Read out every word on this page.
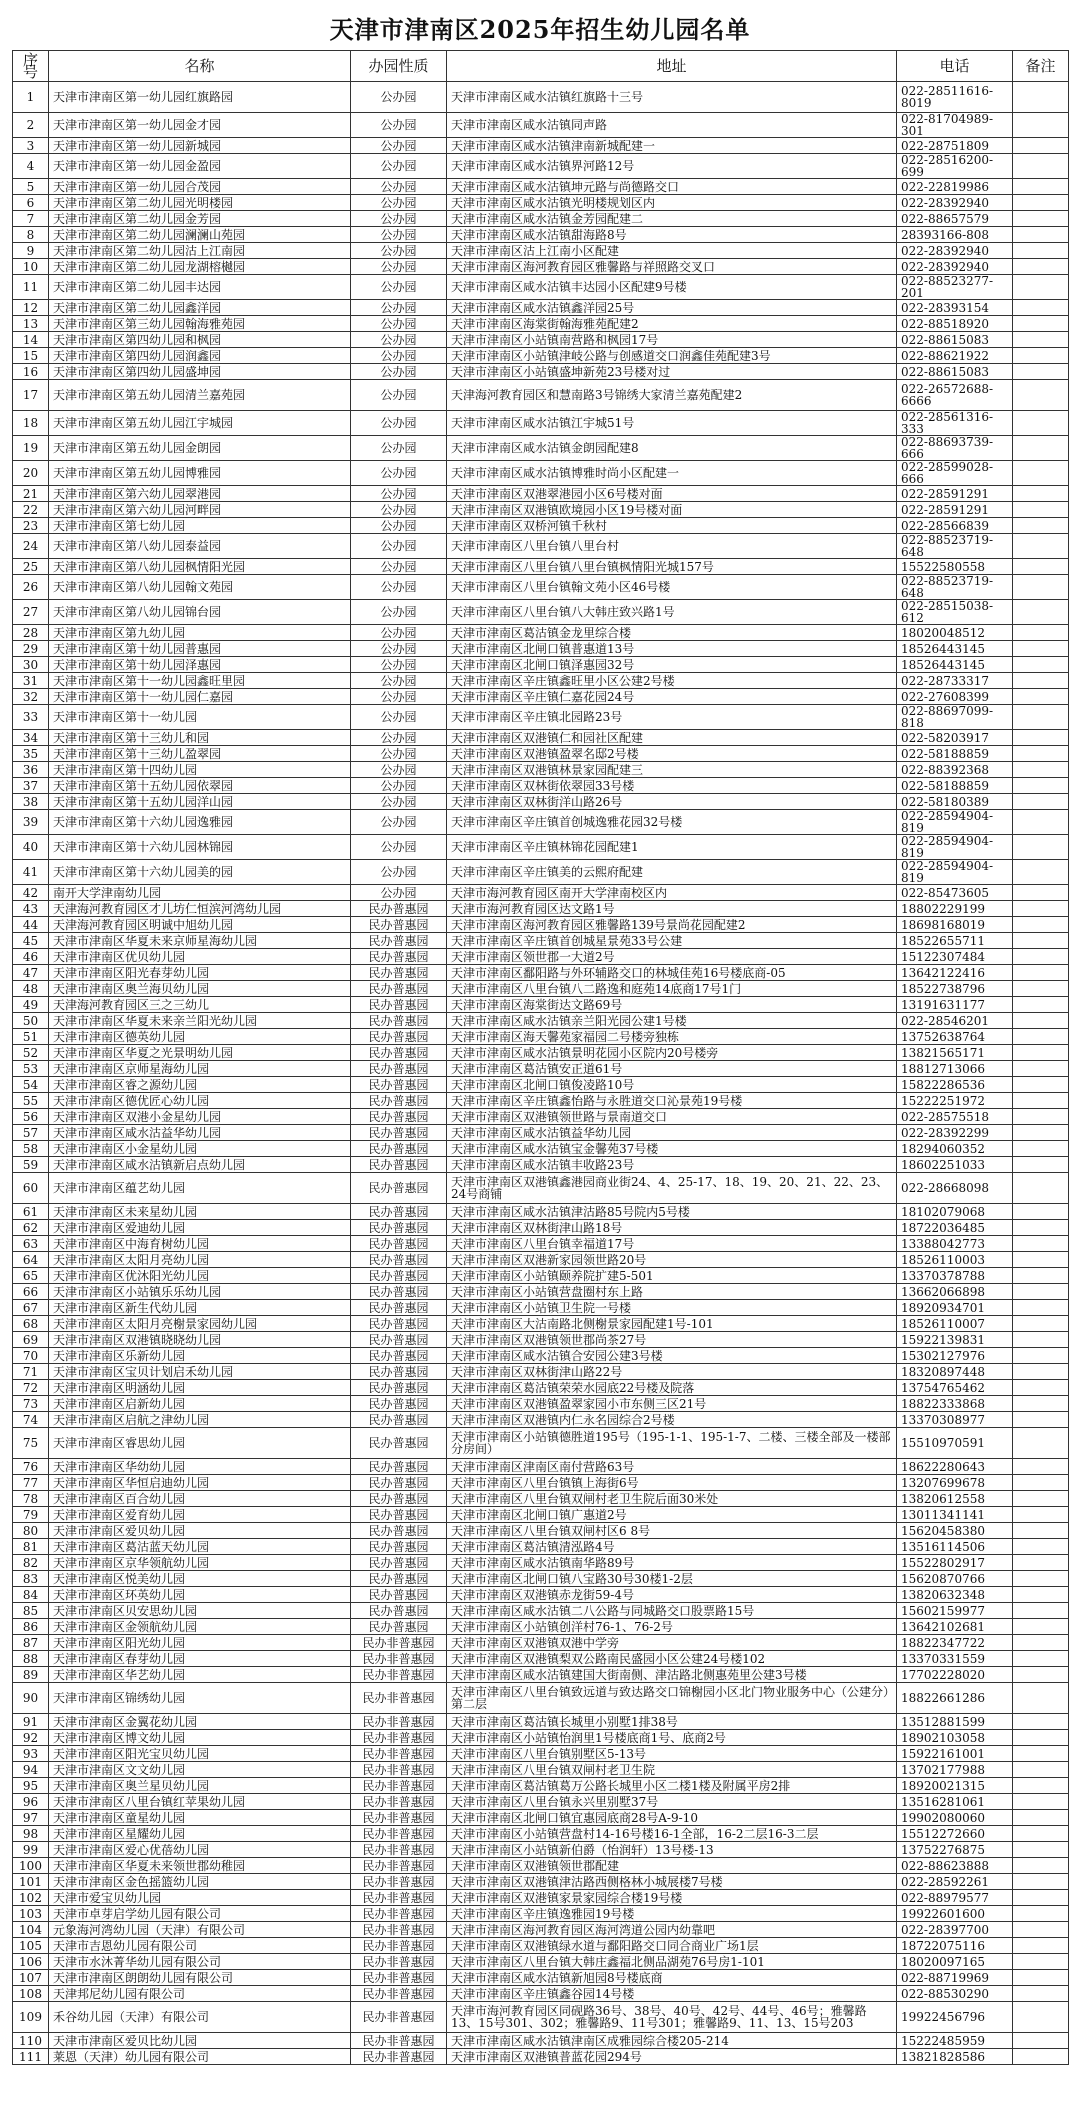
天津市津南区2025年招生幼儿园名单
序号	名称	办园性质	地址	电话	备注
1	天津市津南区第一幼儿园红旗路园	公办园	天津市津南区咸水沽镇红旗路十三号	022-28511616-8019	
2	天津市津南区第一幼儿园金才园	公办园	天津市津南区咸水沽镇同声路	022-81704989-301	
3	天津市津南区第一幼儿园新城园	公办园	天津市津南区咸水沽镇津南新城配建一	022-28751809	
4	天津市津南区第一幼儿园金盈园	公办园	天津市津南区咸水沽镇界河路12号	022-28516200-699	
5	天津市津南区第一幼儿园合茂园	公办园	天津市津南区咸水沽镇坤元路与尚德路交口	022-22819986	
6	天津市津南区第二幼儿园光明楼园	公办园	天津市津南区咸水沽镇光明楼规划区内	022-28392940	
7	天津市津南区第二幼儿园金芳园	公办园	天津市津南区咸水沽镇金芳园配建二	022-88657579	
8	天津市津南区第二幼儿园澜澜山苑园	公办园	天津市津南区咸水沽镇甜海路8号	28393166-808	
9	天津市津南区第二幼儿园沽上江南园	公办园	天津市津南区沽上江南小区配建	022-28392940	
10	天津市津南区第二幼儿园龙湖榕樾园	公办园	天津市津南区海河教育园区雅馨路与祥照路交叉口	022-28392940	
11	天津市津南区第二幼儿园丰达园	公办园	天津市津南区咸水沽镇丰达园小区配建9号楼	022-88523277-201	
12	天津市津南区第二幼儿园鑫洋园	公办园	天津市津南区咸水沽镇鑫洋园25号	022-28393154	
13	天津市津南区第三幼儿园翰海雅苑园	公办园	天津市津南区海棠街翰海雅苑配建2	022-88518920	
14	天津市津南区第四幼儿园和枫园	公办园	天津市津南区小站镇南营路和枫园17号	022-88615083	
15	天津市津南区第四幼儿园润鑫园	公办园	天津市津南区小站镇津岐公路与创感道交口润鑫佳苑配建3号	022-88621922	
16	天津市津南区第四幼儿园盛坤园	公办园	天津市津南区小站镇盛坤新苑23号楼对过	022-88615083	
17	天津市津南区第五幼儿园清兰嘉苑园	公办园	天津海河教育园区和慧南路3号锦绣大家清兰嘉苑配建2	022-26572688-6666	
18	天津市津南区第五幼儿园江宇城园	公办园	天津市津南区咸水沽镇江宇城51号	022-28561316-333	
19	天津市津南区第五幼儿园金朗园	公办园	天津市津南区咸水沽镇金朗园配建8	022-88693739-666	
20	天津市津南区第五幼儿园博雅园	公办园	天津市津南区咸水沽镇博雅时尚小区配建一	022-28599028-666	
21	天津市津南区第六幼儿园翠港园	公办园	天津市津南区双港翠港园小区6号楼对面	022-28591291	
22	天津市津南区第六幼儿园河畔园	公办园	天津市津南区双港镇欧境园小区19号楼对面	022-28591291	
23	天津市津南区第七幼儿园	公办园	天津市津南区双桥河镇千秋村	022-28566839	
24	天津市津南区第八幼儿园泰益园	公办园	天津市津南区八里台镇八里台村	022-88523719-648	
25	天津市津南区第八幼儿园枫情阳光园	公办园	天津市津南区八里台镇八里台镇枫情阳光城157号	15522580558	
26	天津市津南区第八幼儿园翰文苑园	公办园	天津市津南区八里台镇翰文苑小区46号楼	022-88523719-648	
27	天津市津南区第八幼儿园锦台园	公办园	天津市津南区八里台镇八大韩庄致兴路1号	022-28515038-612	
28	天津市津南区第九幼儿园	公办园	天津市津南区葛沽镇金龙里综合楼	18020048512	
29	天津市津南区第十幼儿园普惠园	公办园	天津市津南区北闸口镇普惠道13号	18526443145	
30	天津市津南区第十幼儿园泽惠园	公办园	天津市津南区北闸口镇泽惠园32号	18526443145	
31	天津市津南区第十一幼儿园鑫旺里园	公办园	天津市津南区辛庄镇鑫旺里小区公建2号楼	022-28733317	
32	天津市津南区第十一幼儿园仁嘉园	公办园	天津市津南区辛庄镇仁嘉花园24号	022-27608399	
33	天津市津南区第十一幼儿园	公办园	天津市津南区辛庄镇北园路23号	022-88697099-818	
34	天津市津南区第十三幼儿和园	公办园	天津市津南区双港镇仁和园社区配建	022-58203917	
35	天津市津南区第十三幼儿盈翠园	公办园	天津市津南区双港镇盈翠名邸2号楼	022-58188859	
36	天津市津南区第十四幼儿园	公办园	天津市津南区双港镇林景家园配建三	022-88392368	
37	天津市津南区第十五幼儿园依翠园	公办园	天津市津南区双林街依翠园33号楼	022-58188859	
38	天津市津南区第十五幼儿园洋山园	公办园	天津市津南区双林街洋山路26号	022-58180389	
39	天津市津南区第十六幼儿园逸雅园	公办园	天津市津南区辛庄镇首创城逸雅花园32号楼	022-28594904-819	
40	天津市津南区第十六幼儿园林锦园	公办园	天津市津南区辛庄镇林锦花园配建1	022-28594904-819	
41	天津市津南区第十六幼儿园美的园	公办园	天津市津南区辛庄镇美的云熙府配建	022-28594904-819	
42	南开大学津南幼儿园	公办园	天津市海河教育园区南开大学津南校区内	022-85473605	
43	天津海河教育园区才儿坊仁恒滨河湾幼儿园	民办普惠园	天津市海河教育园区达文路1号	18802229199	
44	天津海河教育园区明诚中旭幼儿园	民办普惠园	天津市津南区海河教育园区雅馨路139号景尚花园配建2	18698168019	
45	天津市津南区华夏未来京师星海幼儿园	民办普惠园	天津市津南区辛庄镇首创城星景苑33号公建	18522655711	
46	天津市津南区优贝幼儿园	民办普惠园	天津市津南区领世郡一大道2号	15122307484	
47	天津市津南区阳光春芽幼儿园	民办普惠园	天津市津南区鄱阳路与外环辅路交口的林城佳苑16号楼底商-05	13642122416	
48	天津市津南区奥兰海贝幼儿园	民办普惠园	天津市津南区八里台镇八二路逸和庭苑14底商17号1门	18522738796	
49	天津海河教育园区三之三幼儿	民办普惠园	天津市津南区海棠街达文路69号	13191631177	
50	天津市津南区华夏未来亲兰阳光幼儿园	民办普惠园	天津市津南区咸水沽镇亲兰阳光园公建1号楼	022-28546201	
51	天津市津南区德英幼儿园	民办普惠园	天津市津南区海天馨苑家福园二号楼旁独栋	13752638764	
52	天津市津南区华夏之光景明幼儿园	民办普惠园	天津市津南区咸水沽镇景明花园小区院内20号楼旁	13821565171	
53	天津市津南区京师星海幼儿园	民办普惠园	天津市津南区葛沽镇安正道61号	18812713066	
54	天津市津南区睿之源幼儿园	民办普惠园	天津市津南区北闸口镇俊凌路10号	15822286536	
55	天津市津南区德优匠心幼儿园	民办普惠园	天津市津南区辛庄镇鑫怡路与永胜道交口沁景苑19号楼	15222251972	
56	天津市津南区双港小金星幼儿园	民办普惠园	天津市津南区双港镇领世路与景南道交口	022-28575518	
57	天津市津南区咸水沽益华幼儿园	民办普惠园	天津市津南区咸水沽镇益华幼儿园	022-28392299	
58	天津市津南区小金星幼儿园	民办普惠园	天津市津南区咸水沽镇宝金馨苑37号楼	18294060352	
59	天津市津南区咸水沽镇新启点幼儿园	民办普惠园	天津市津南区咸水沽镇丰收路23号	18602251033	
60	天津市津南区蕴艺幼儿园	民办普惠园	天津市津南区双港镇鑫港园商业街24、4、25-17、18、19、20、21、22、23、24号商铺	022-28668098	
61	天津市津南区未来星幼儿园	民办普惠园	天津市津南区咸水沽镇津沽路85号院内5号楼	18102079068	
62	天津市津南区爱迪幼儿园	民办普惠园	天津市津南区双林街津山路18号	18722036485	
63	天津市津南区中海育树幼儿园	民办普惠园	天津市津南区八里台镇幸福道17号	13388042773	
64	天津市津南区太阳月亮幼儿园	民办普惠园	天津市津南区双港新家园领世路20号	18526110003	
65	天津市津南区优沐阳光幼儿园	民办普惠园	天津市津南区小站镇颐养院扩建5-501	13370378788	
66	天津市津南区小站镇乐乐幼儿园	民办普惠园	天津市津南区小站镇营盘圈村东上路	13662066898	
67	天津市津南区新生代幼儿园	民办普惠园	天津市津南区小站镇卫生院一号楼	18920934701	
68	天津市津南区太阳月亮榭景家园幼儿园	民办普惠园	天津市津南区大沽南路北侧榭景家园配建1号-101	18526110007	
69	天津市津南区双港镇晓晓幼儿园	民办普惠园	天津市津南区双港镇领世郡尚茶27号	15922139831	
70	天津市津南区乐新幼儿园	民办普惠园	天津市津南区咸水沽镇合安园公建3号楼	15302127976	
71	天津市津南区宝贝计划启禾幼儿园	民办普惠园	天津市津南区双林街津山路22号	18320897448	
72	天津市津南区明涵幼儿园	民办普惠园	天津市津南区葛沽镇荣荣水园底22号楼及院落	13754765462	
73	天津市津南区启新幼儿园	民办普惠园	天津市津南区双港镇盈翠家园小市东侧三区21号	18822333868	
74	天津市津南区启航之津幼儿园	民办普惠园	天津市津南区双港镇内仁永名园综合2号楼	13370308977	
75	天津市津南区睿思幼儿园	民办普惠园	天津市津南区小站镇德胜道195号（195-1-1、195-1-7、二楼、三楼全部及一楼部分房间）	15510970591	
76	天津市津南区华幼幼儿园	民办普惠园	天津市津南区津南区南付营路63号	18622280643	
77	天津市津南区华恒启迪幼儿园	民办普惠园	天津市津南区八里台镇镇上海街6号	13207699678	
78	天津市津南区百合幼儿园	民办普惠园	天津市津南区八里台镇双闸村老卫生院后面30米处	13820612558	
79	天津市津南区爱育幼儿园	民办普惠园	天津市津南区北闸口镇广惠道2号	13011341141	
80	天津市津南区爱贝幼儿园	民办普惠园	天津市津南区八里台镇双闸村区6 8号	15620458380	
81	天津市津南区葛沽蓝天幼儿园	民办普惠园	天津市津南区葛沽镇清泓路4号	13516114506	
82	天津市津南区京华领航幼儿园	民办普惠园	天津市津南区咸水沽镇南华路89号	15522802917	
83	天津市津南区悦美幼儿园	民办普惠园	天津市津南区北闸口镇八宝路30号30楼1-2层	15620870766	
84	天津市津南区环英幼儿园	民办普惠园	天津市津南区双港镇赤龙街59-4号	13820632348	
85	天津市津南区贝安思幼儿园	民办普惠园	天津市津南区咸水沽镇二八公路与同城路交口股票路15号	15602159977	
86	天津市津南区金领航幼儿园	民办普惠园	天津市津南区小站镇创洋村76-1、76-2号	13642102681	
87	天津市津南区阳光幼儿园	民办非普惠园	天津市津南区双港镇双港中学旁	18822347722	
88	天津市津南区春芽幼儿园	民办非普惠园	天津市津南区双港镇梨双公路南民盛园小区公建24号楼102	13370331559	
89	天津市津南区华艺幼儿园	民办非普惠园	天津市津南区咸水沽镇建国大街南侧、津沽路北侧惠苑里公建3号楼	17702228020	
90	天津市津南区锦绣幼儿园	民办非普惠园	天津市津南区八里台镇致远道与致达路交口锦榭园小区北门物业服务中心（公建分）第二层	18822661286	
91	天津市津南区金翼花幼儿园	民办非普惠园	天津市津南区葛沽镇长城里小别墅1排38号	13512881599	
92	天津市津南区博文幼儿园	民办非普惠园	天津市津南区小站镇怡润里1号楼底商1号、底商2号	18902103058	
93	天津市津南区阳光宝贝幼儿园	民办非普惠园	天津市津南区八里台镇别墅区5-13号	15922161001	
94	天津市津南区文文幼儿园	民办非普惠园	天津市津南区八里台镇双闸村老卫生院	13702177988	
95	天津市津南区奥兰星贝幼儿园	民办非普惠园	天津市津南区葛沽镇葛万公路长城里小区二楼1楼及附属平房2排	18920021315	
96	天津市津南区八里台镇红苹果幼儿园	民办非普惠园	天津市津南区八里台镇永兴里别墅37号	13516281061	
97	天津市津南区童星幼儿园	民办非普惠园	天津市津南区北闸口镇宜惠园底商28号A-9-10	19902080060	
98	天津市津南区星耀幼儿园	民办非普惠园	天津市津南区小站镇营盘村14-16号楼16-1全部，16-2二层16-3二层	15512272660	
99	天津市津南区爱心优蓓幼儿园	民办非普惠园	天津市津南区小站镇新伯爵（怡润轩）13号楼-13	13752276875	
100	天津市津南区华夏未来领世郡幼稚园	民办非普惠园	天津市津南区双港镇领世郡配建	022-88623888	
101	天津市津南区金色摇篮幼儿园	民办非普惠园	天津市津南区双港镇津沽路西侧格林小城展楼7号楼	022-28592261	
102	天津市爱宝贝幼儿园	民办非普惠园	天津市津南区双港镇家景家园综合楼19号楼	022-88979577	
103	天津市卓芽启学幼儿园有限公司	民办非普惠园	天津市津南区辛庄镇逸雅园19号楼	19922601600	
104	元象海河湾幼儿园（天津）有限公司	民办非普惠园	天津市津南区海河教育园区海河湾道公园内幼靠吧	022-28397700	
105	天津市吉恩幼儿园有限公司	民办非普惠园	天津市津南区双港镇绿水道与鄱阳路交口同合商业广场1层	18722075116	
106	天津市水沐菁华幼儿园有限公司	民办非普惠园	天津市津南区八里台镇大韩庄鑫福北侧品湖苑76号房1-101	18020097165	
107	天津市津南区朗朗幼儿园有限公司	民办非普惠园	天津市津南区咸水沽镇新旭园8号楼底商	022-88719969	
108	天津邦尼幼儿园有限公司	民办非普惠园	天津市津南区辛庄镇鑫谷园14号楼	022-88530290	
109	禾谷幼儿园（天津）有限公司	民办非普惠园	天津市海河教育园区同砚路36号、38号、40号、42号、44号、46号；雅馨路13、15号301、302；雅馨路9、11号301；雅馨路9、11、13、15号203	19922456796	
110	天津市津南区爱贝比幼儿园	民办非普惠园	天津市津南区咸水沽镇津南区成雅园综合楼205-214	15222485959	
111	莱恩（天津）幼儿园有限公司	民办非普惠园	天津市津南区双港镇普蓝花园294号	13821828586	
